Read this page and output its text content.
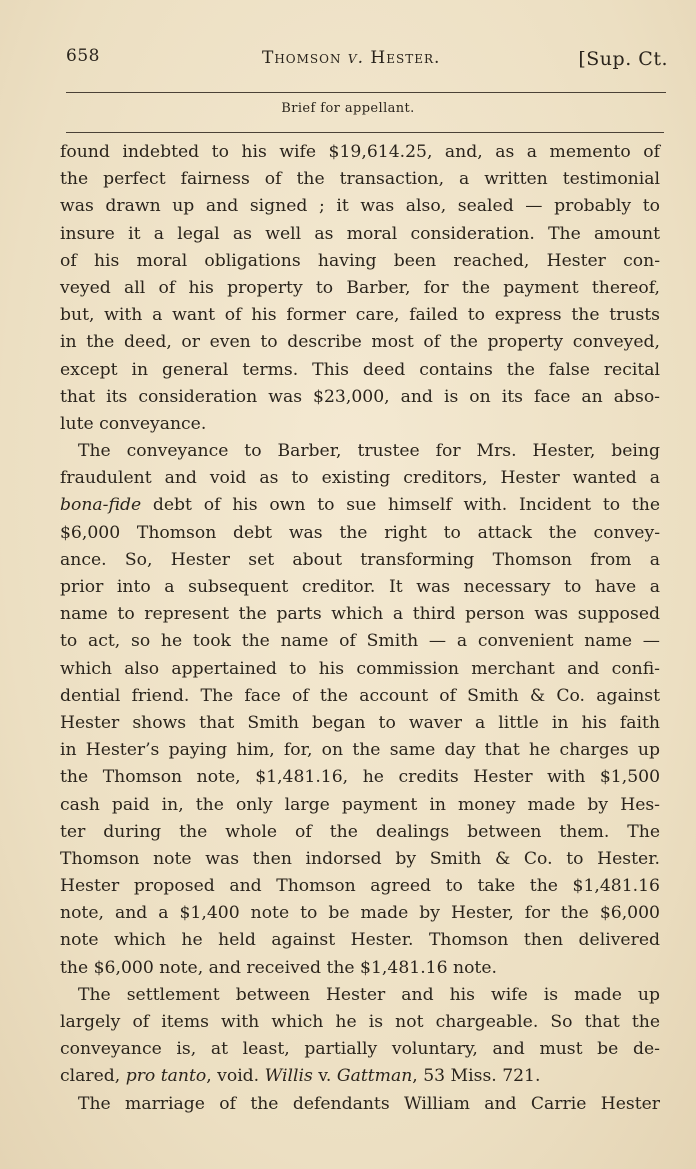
658	Thomson v. Hester.	[Sup. Ct.
Brief for appellant.
found indebted to his wife $19,614.25, and, as a memento of
the perfect fairness of the transaction, a written testimonial
was drawn up and signed ; it was also, sealed — probably to
insure it a legal as well as moral consideration. The amount
of his moral obligations having been reached, Hester con-
veyed all of his property to Barber, for the payment thereof,
but, with a want of his former care, failed to express the trusts
in the deed, or even to describe most of the property conveyed,
except in general terms. This deed contains the false recital
that its consideration was $23,000, and is on its face an abso-
lute conveyance.
The conveyance to Barber, trustee for Mrs. Hester, being
fraudulent and void as to existing creditors, Hester wanted a
bona-fide debt of his own to sue himself with. Incident to the
$6,000 Thomson debt was the right to attack the convey-
ance. So, Hester set about transforming Thomson from a
prior into a subsequent creditor. It was necessary to have a
name to represent the parts which a third person was supposed
to act, so he took the name of Smith — a convenient name —
which also appertained to his commission merchant and confi-
dential friend. The face of the account of Smith & Co. against
Hester shows that Smith began to waver a little in his faith
in Hester’s paying him, for, on the same day that he charges up
the Thomson note, $1,481.16, he credits Hester with $1,500
cash paid in, the only large payment in money made by Hes-
ter during the whole of the dealings between them. The
Thomson note was then indorsed by Smith & Co. to Hester.
Hester proposed and Thomson agreed to take the $1,481.16
note, and a $1,400 note to be made by Hester, for the $6,000
note which he held against Hester. Thomson then delivered
the $6,000 note, and received the $1,481.16 note.
The settlement between Hester and his wife is made up
largely of items with which he is not chargeable. So that the
conveyance is, at least, partially voluntary, and must be de-
clared, pro tanto, void. Willis v. Gattman, 53 Miss. 721.
The marriage of the defendants William and Carrie Hester
